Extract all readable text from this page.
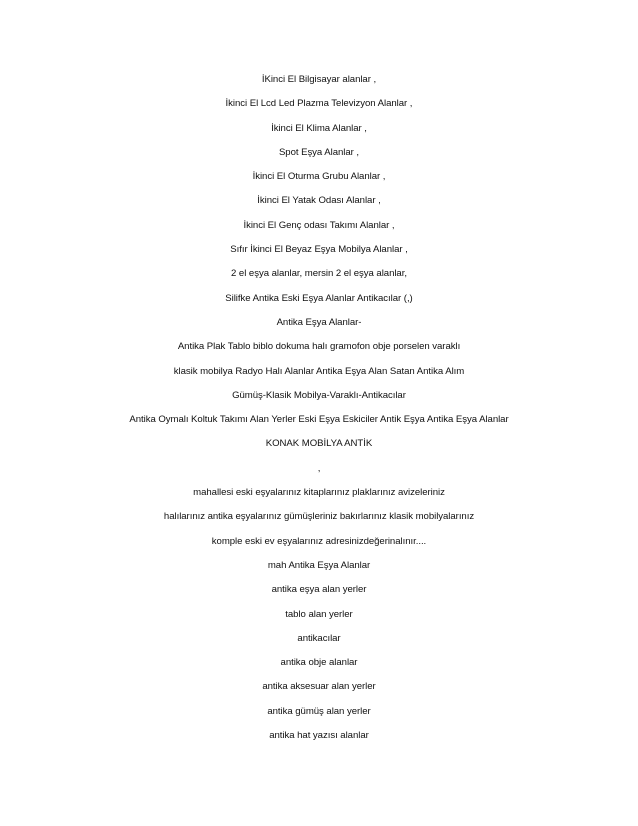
İKinci El Bilgisayar alanlar ,
İkinci El Lcd Led Plazma Televizyon Alanlar ,
İkinci El Klima Alanlar ,
Spot Eşya Alanlar ,
İkinci El Oturma Grubu Alanlar ,
İkinci El Yatak Odası Alanlar ,
İkinci El Genç odası Takımı Alanlar ,
Sıfır İkinci El Beyaz Eşya Mobilya Alanlar ,
2 el eşya alanlar, mersin 2 el eşya alanlar,
Silifke Antika Eski Eşya Alanlar Antikacılar (,)
Antika Eşya Alanlar-
Antika Plak Tablo biblo dokuma halı gramofon obje porselen varaklı
klasik mobilya Radyo Halı Alanlar Antika Eşya Alan Satan Antika Alım
Gümüş-Klasik Mobilya-Varaklı-Antikacılar
Antika Oymalı Koltuk Takımı Alan Yerler Eski Eşya Eskiciler Antik Eşya Antika Eşya Alanlar
KONAK MOBİLYA ANTİK
,
mahallesi eski eşyalarınız kitaplarınız plaklarınız avizeleriniz
halılarınız antika eşyalarınız gümüşleriniz bakırlarınız klasik mobilyalarınız
komple eski ev eşyalarınız adresinizdeğerinalınır....
mah Antika Eşya Alanlar
antika eşya alan yerler
tablo alan yerler
antikacılar
antika obje alanlar
antika aksesuar alan yerler
antika gümüş alan yerler
antika hat yazısı alanlar
